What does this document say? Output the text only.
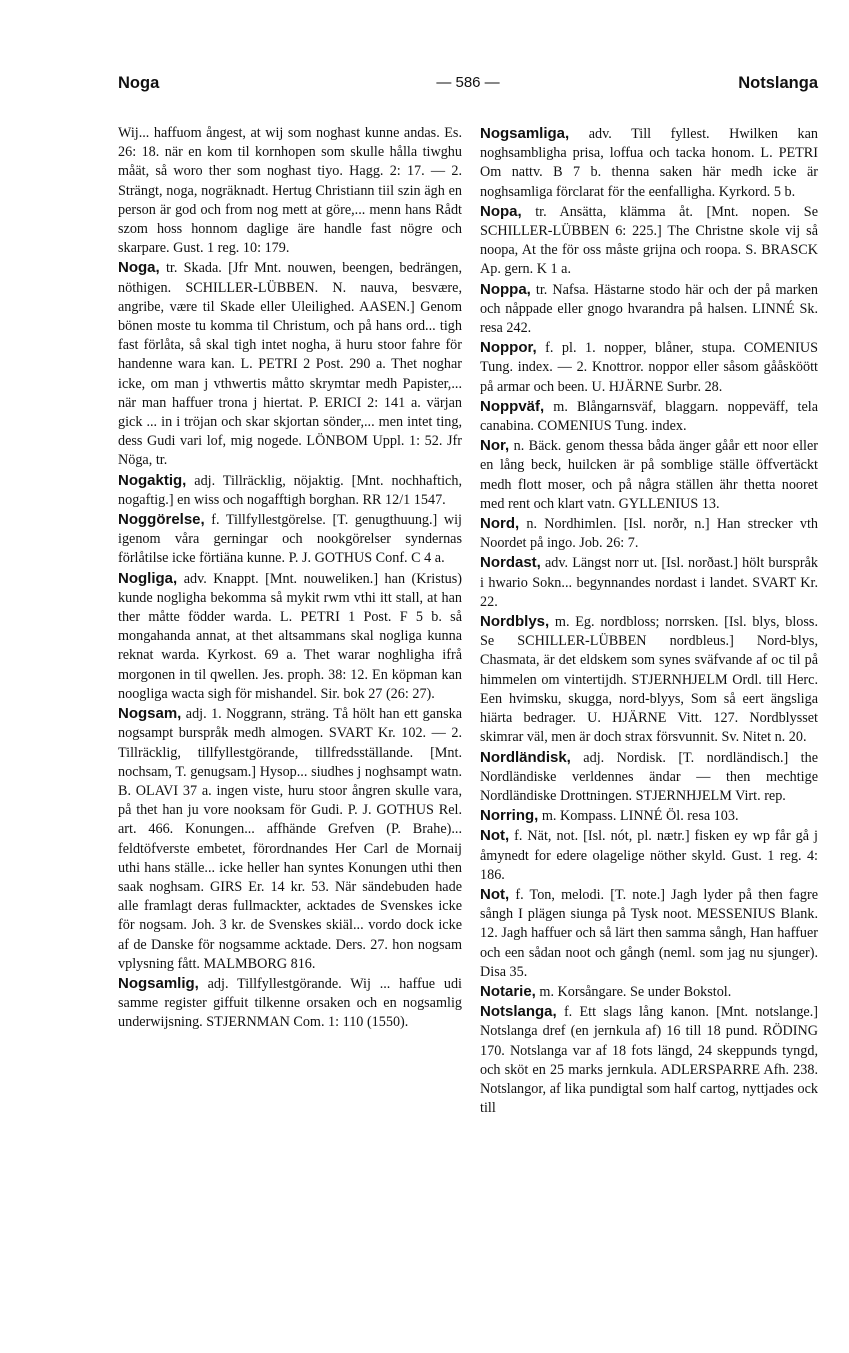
Noga	— 586 —	Notslanga

Wij... haffuom ångest, at wij som noghast kunne andas. Es. 26: 18. när en kom til kornhopen som skulle hålla tiwghu måät, så woro ther som noghast tiyo. Hagg. 2: 17. — 2. Strängt, noga, nogräknadt. Hertug Christiann tiil szin ägh en person är god och from nog mett at göre,... menn hans Rådt szom hoss honnom daglige äre handle fast nögre och skarpare. Gust. 1 reg. 10: 179.

Noga, tr. Skada. [Jfr Mnt. nouwen, beengen, bedrängen, nöthigen. SCHILLER-LÜBBEN. N. nauva, besvære, angribe, være til Skade eller Uleilighed. AASEN.] Genom bönen moste tu komma til Christum, och på hans ord... tigh fast förlåta, så skal tigh intet nogha, ä huru stoor fahre för handenne wara kan. L. PETRI 2 Post. 290 a. Thet noghar icke, om man j vthwertis måtto skrymtar medh Papister,... när man haffuer trona j hiertat. P. ERICI 2: 141 a. värjan gick ... in i tröjan och skar skjortan sönder,... men intet ting, dess Gudi vari lof, mig nogede. LÖNBOM Uppl. 1: 52. Jfr Nöga, tr.

Nogaktig, adj. Tillräcklig, nöjaktig. [Mnt. nochhaftich, nogaftig.] en wiss och nogafftigh borghan. RR 12/1 1547.

Noggörelse, f. Tillfyllestgörelse. [T. genugthuung.] wij igenom våra gerningar och nookgörelser syndernas förlåtilse icke förtiäna kunne. P. J. GOTHUS Conf. C 4 a.

Nogliga, adv. Knappt. [Mnt. nouweliken.] han (Kristus) kunde nogligha bekomma så mykit rwm vthi itt stall, at han ther måtte födder warda. L. PETRI 1 Post. F 5 b. så mongahanda annat, at thet altsammans skal nogliga kunna reknat warda. Kyrkost. 69 a. Thet warar noghligha ifrå morgonen in til qwellen. Jes. proph. 38: 12. En köpman kan noogliga wacta sigh för mishandel. Sir. bok 27 (26: 27).

Nogsam, adj. 1. Noggrann, sträng. Tå hölt han ett ganska nogsampt burspråk medh almogen. SVART Kr. 102. — 2. Tillräcklig, tillfyllestgörande, tillfredsställande. [Mnt. nochsam, T. genugsam.] Hysop... siudhes j noghsampt watn. B. OLAVI 37 a. ingen viste, huru stoor ångren skulle vara, på thet han ju vore nooksam för Gudi. P. J. GOTHUS Rel. art. 466. Konungen... affhände Grefven (P. Brahe)... feldtöfverste embetet, förordnandes Her Carl de Mornaij uthi hans ställe... icke heller han syntes Konungen uthi then saak noghsam. GIRS Er. 14 kr. 53. När sändebuden hade alle framlagt deras fullmackter, acktades de Svenskes icke för nogsam. Joh. 3 kr. de Svenskes skiäl... vordo dock icke af de Danske för nogsamme acktade. Ders. 27. hon nogsam vplysning fått. MALMBORG 816.

Nogsamlig, adj. Tillfyllestgörande. Wij ... haffue udi samme register giffuit tilkenne orsaken och en nogsamlig underwijsning. STJERNMAN Com. 1: 110 (1550).

Nogsamliga, adv. Till fyllest. Hwilken kan noghsambligha prisa, loffua och tacka honom. L. PETRI Om nattv. B 7 b. thenna saken här medh icke är noghsamliga förclarat för the eenfalligha. Kyrkord. 5 b.

Nopa, tr. Ansätta, klämma åt. [Mnt. nopen. Se SCHILLER-LÜBBEN 6: 225.] The Christne skole vij så noopa, At the för oss måste grijna och roopa. S. BRASCK Ap. gern. K 1 a.

Noppa, tr. Nafsa. Hästarne stodo här och der på marken och nåppade eller gnogo hvarandra på halsen. LINNÉ Sk. resa 242.

Noppor, f. pl. 1. nopper, blåner, stupa. COMENIUS Tung. index. — 2. Knottror. noppor eller såsom gååsköött på armar och been. U. HJÄRNE Surbr. 28.

Noppväf, m. Blångarnsväf, blaggarn. noppeväff, tela canabina. COMENIUS Tung. index.

Nor, n. Bäck. genom thessa båda änger gåår ett noor eller en lång beck, huilcken är på somblige ställe öffvertäckt medh flott moser, och på några ställen ähr thetta nooret med rent och klart vatn. GYLLENIUS 13.

Nord, n. Nordhimlen. [Isl. norðr, n.] Han strecker vth Noordet på ingo. Job. 26: 7.

Nordast, adv. Längst norr ut. [Isl. norðast.] hölt burspråk i hwario Sokn... begynnandes nordast i landet. SVART Kr. 22.

Nordblys, m. Eg. nordbloss; norrsken. [Isl. blys, bloss. Se SCHILLER-LÜBBEN nordbleus.] Nord-blys, Chasmata, är det eldskem som synes sväfvande af oc til på himmelen om vintertijdh. STJERNHJELM Ordl. till Herc. Een hvimsku, skugga, nord-blyys, Som så eert ängsliga hiärta bedrager. U. HJÄRNE Vitt. 127. Nordblysset skimrar väl, men är doch strax försvunnit. Sv. Nitet n. 20.

Nordländisk, adj. Nordisk. [T. nordländisch.] the Nordländiske verldennes ändar — then mechtige Nordländiske Drottningen. STJERNHJELM Virt. rep.

Norring, m. Kompass. LINNÉ Öl. resa 103.

Not, f. Nät, not. [Isl. nót, pl. nætr.] fisken ey wp får gå j åmynedt for edere olagelige nöther skyld. Gust. 1 reg. 4: 186.

Not, f. Ton, melodi. [T. note.] Jagh lyder på then fagre sångh I plägen siunga på Tysk noot. MESSENIUS Blank. 12. Jagh haffuer och så lärt then samma sångh, Han haffuer och een sådan noot och gångh (neml. som jag nu sjunger). Disa 35.

Notarie, m. Korsångare. Se under Bokstol.

Notslanga, f. Ett slags lång kanon. [Mnt. notslange.] Notslanga dref (en jernkula af) 16 till 18 pund. RÖDING 170. Notslanga var af 18 fots längd, 24 skeppunds tyngd, och sköt en 25 marks jernkula. ADLERSPARRE Afh. 238. Notslangor, af lika pundigtal som half cartog, nyttjades ock till
